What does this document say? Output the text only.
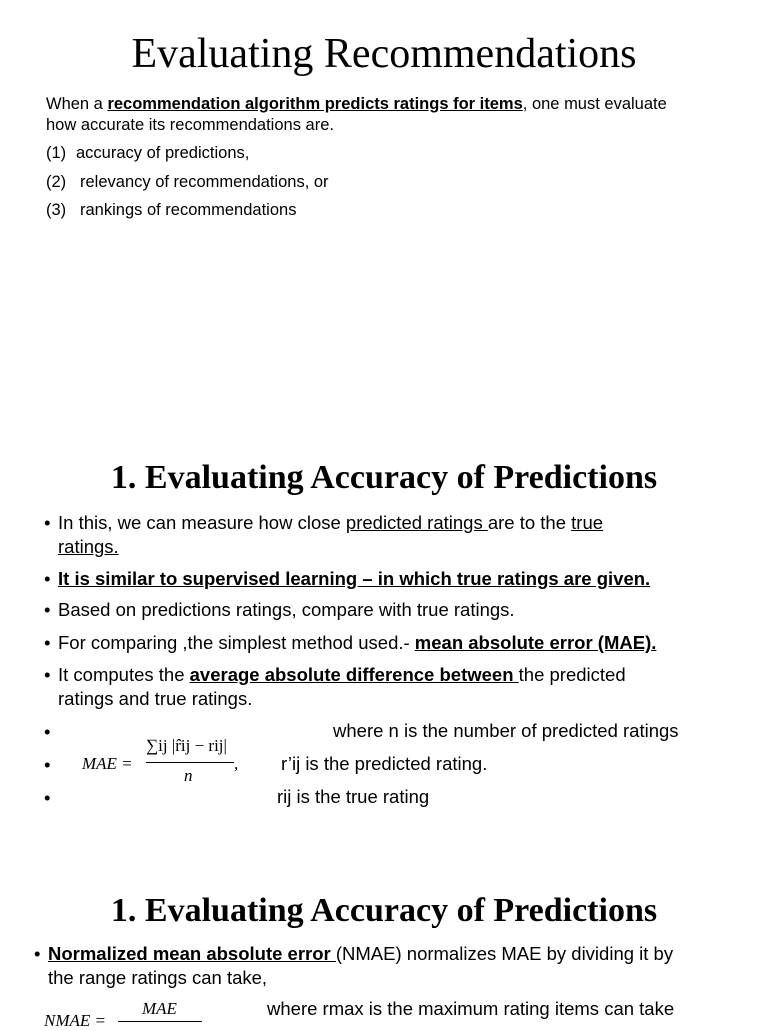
Evaluating Recommendations
When a recommendation algorithm predicts ratings for items, one must evaluate
how accurate its recommendations are.
(1) accuracy of predictions,
(2) relevancy of recommendations, or
(3) rankings of recommendations
1. Evaluating Accuracy of Predictions
• In this, we can measure how close predicted ratings are to the true
ratings.
• It is similar to supervised learning – in which true ratings are given.
• Based on predictions ratings, compare with true ratings.
• For comparing ,the simplest method used.- mean absolute error (MAE).
• It computes the average absolute difference between the predicted
ratings and true ratings.
•
•
•
where n is the number of predicted ratings
r’ij is the predicted rating.
rij is the true rating
MAE =
∑ij |r̂ij − rij|
n
,
1. Evaluating Accuracy of Predictions
• Normalized mean absolute error (NMAE) normalizes MAE by dividing it by
the range ratings can take,
NMAE =
MAE	where rmax is the maximum rating items can take
